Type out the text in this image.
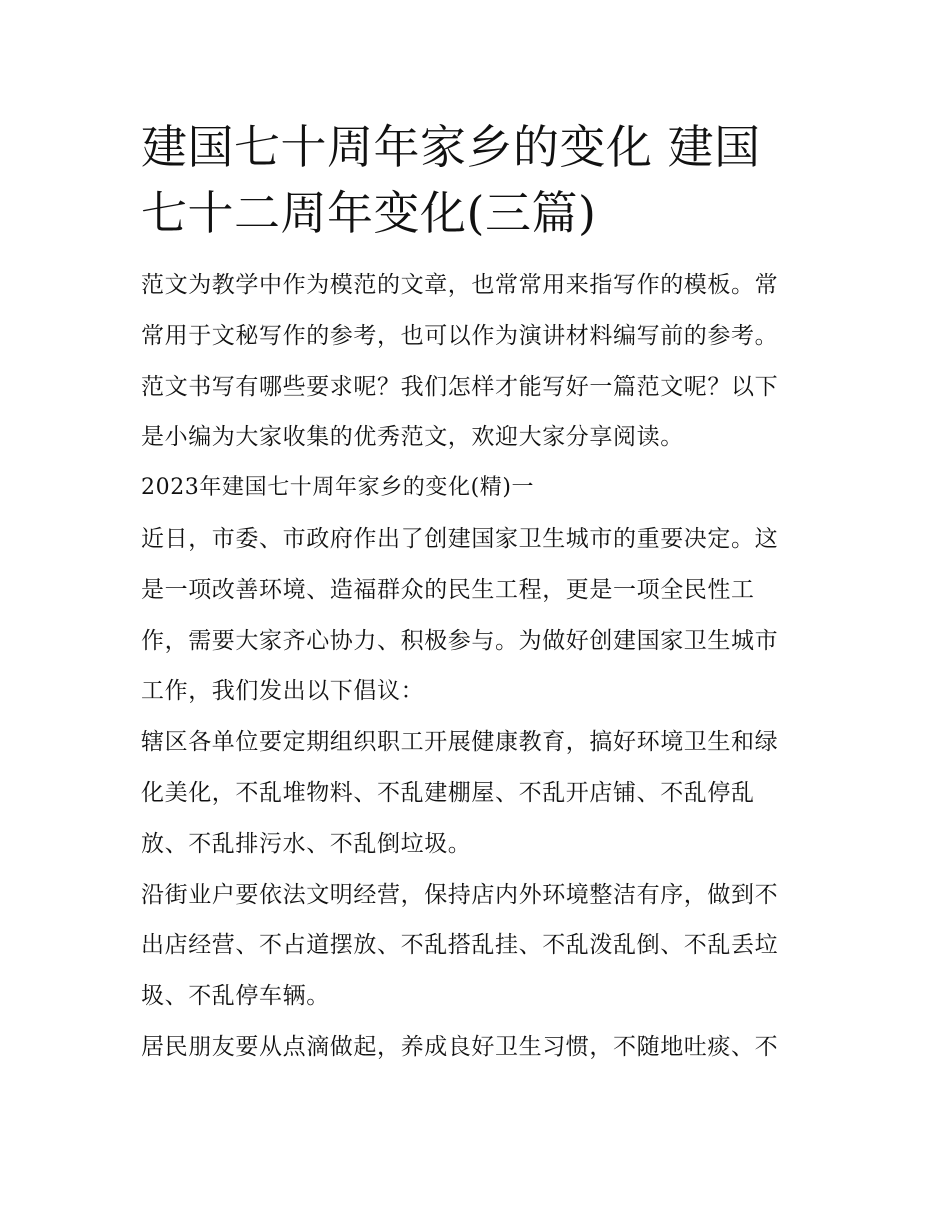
建国七十周年家乡的变化 建国
七十二周年变化(三篇)

范文为教学中作为模范的文章，也常常用来指写作的模板。常
常用于文秘写作的参考，也可以作为演讲材料编写前的参考。
范文书写有哪些要求呢？我们怎样才能写好一篇范文呢？以下
是小编为大家收集的优秀范文，欢迎大家分享阅读。

2023年建国七十周年家乡的变化(精)一

近日，市委、市政府作出了创建国家卫生城市的重要决定。这
是一项改善环境、造福群众的民生工程，更是一项全民性工
作，需要大家齐心协力、积极参与。为做好创建国家卫生城市
工作，我们发出以下倡议：

辖区各单位要定期组织职工开展健康教育，搞好环境卫生和绿
化美化，不乱堆物料、不乱建棚屋、不乱开店铺、不乱停乱
放、不乱排污水、不乱倒垃圾。

沿街业户要依法文明经营，保持店内外环境整洁有序，做到不
出店经营、不占道摆放、不乱搭乱挂、不乱泼乱倒、不乱丢垃
圾、不乱停车辆。

居民朋友要从点滴做起，养成良好卫生习惯，不随地吐痰、不
